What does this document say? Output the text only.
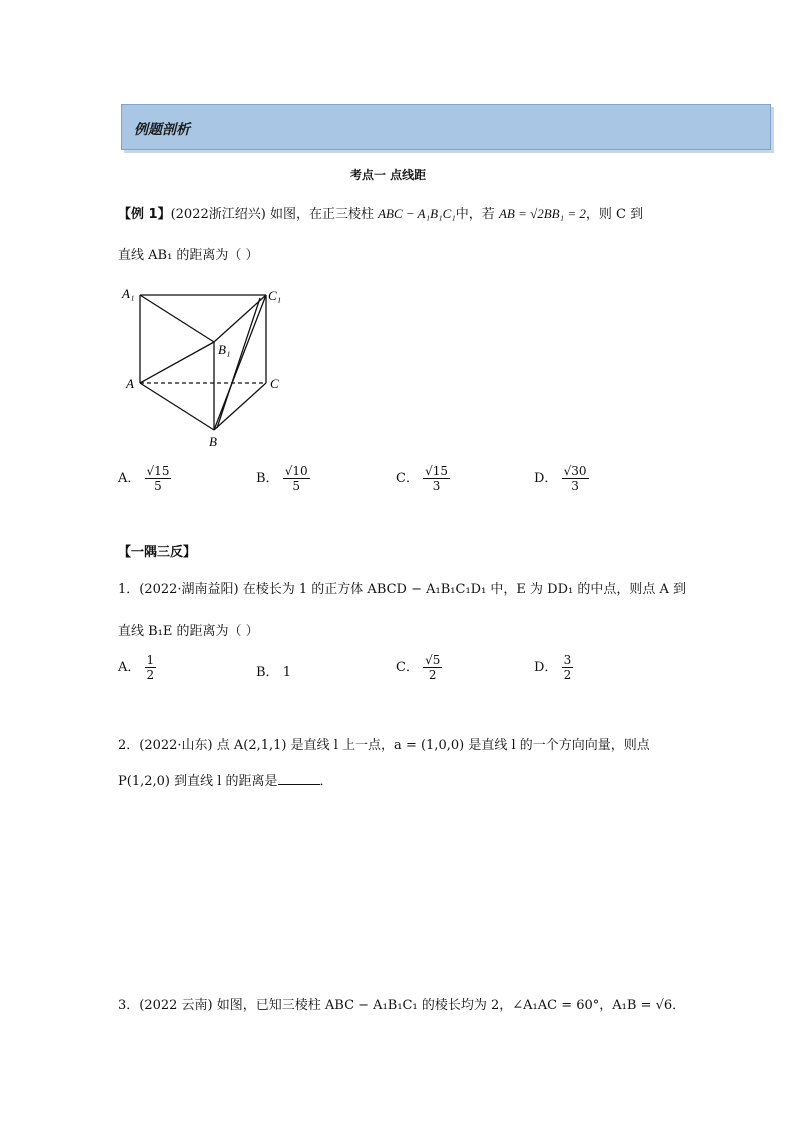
例题剖析
考点一 点线距
【例 1】(2022浙江绍兴) 如图，在正三棱柱 ABC − A₁B₁C₁中，若 AB = √2BB₁ = 2，则 C 到
直线 AB₁ 的距离为（ ）
A₁	C₁
B₁
A	C
B
A． $\frac{√15}{5}$	B． $\frac{√10}{5}$	C． $\frac{√15}{3}$	D． $\frac{√30}{3}$
【一隅三反】
1．(2022·湖南益阳) 在棱长为 1 的正方体 ABCD − A₁B₁C₁D₁ 中，E 为 DD₁ 的中点，则点 A 到
直线 B₁E 的距离为（ ）
A． $\frac{1}{2}$	B． 1	C． $\frac{√5}{2}$	D． $\frac{3}{2}$
2．(2022·山东) 点 A(2,1,1) 是直线 l 上一点，a = (1,0,0) 是直线 l 的一个方向向量，则点
P(1,2,0) 到直线 l 的距离是	．
3．(2022 云南) 如图，已知三棱柱 ABC − A₁B₁C₁ 的棱长均为 2，∠A₁AC = 60°，A₁B = √6．
